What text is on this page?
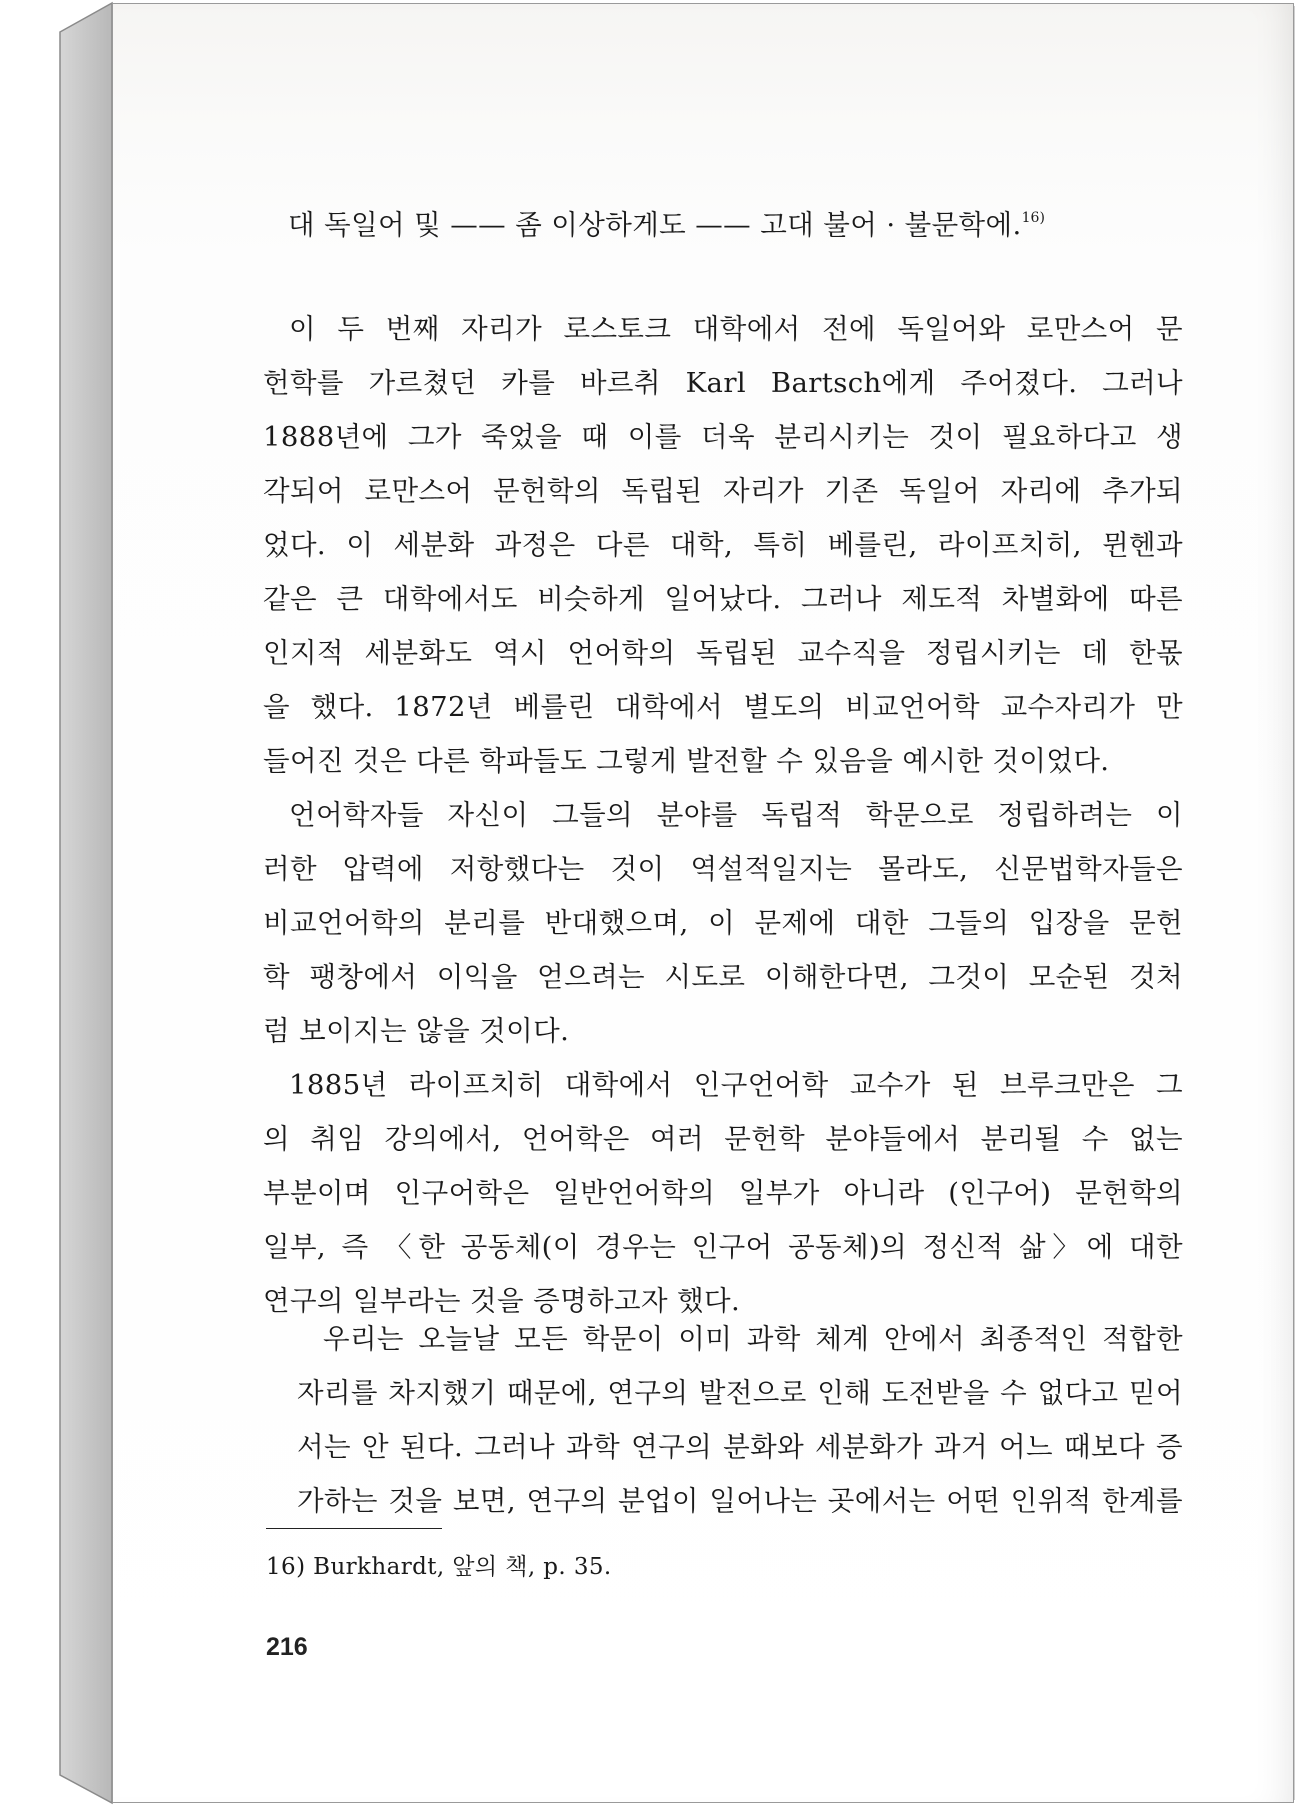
대 독일어 및 —— 좀 이상하게도 —— 고대 불어 · 불문학에.$^{16)}$
이 두 번째 자리가 로스토크 대학에서 전에 독일어와 로만스어 문
헌학를 가르쳤던 카를 바르취 Karl Bartsch에게 주어졌다. 그러나
1888년에 그가 죽었을 때 이를 더욱 분리시키는 것이 필요하다고 생
각되어 로만스어 문헌학의 독립된 자리가 기존 독일어 자리에 추가되
었다. 이 세분화 과정은 다른 대학, 특히 베를린, 라이프치히, 뮌헨과
같은 큰 대학에서도 비슷하게 일어났다. 그러나 제도적 차별화에 따른
인지적 세분화도 역시 언어학의 독립된 교수직을 정립시키는 데 한몫
을 했다. 1872년 베를린 대학에서 별도의 비교언어학 교수자리가 만
들어진 것은 다른 학파들도 그렇게 발전할 수 있음을 예시한 것이었다.
언어학자들 자신이 그들의 분야를 독립적 학문으로 정립하려는 이
러한 압력에 저항했다는 것이 역설적일지는 몰라도, 신문법학자들은
비교언어학의 분리를 반대했으며, 이 문제에 대한 그들의 입장을 문헌
학 팽창에서 이익을 얻으려는 시도로 이해한다면, 그것이 모순된 것처
럼 보이지는 않을 것이다.
1885년 라이프치히 대학에서 인구언어학 교수가 된 브루크만은 그
의 취임 강의에서, 언어학은 여러 문헌학 분야들에서 분리될 수 없는
부분이며 인구어학은 일반언어학의 일부가 아니라 (인구어) 문헌학의
일부, 즉 〈한 공동체(이 경우는 인구어 공동체)의 정신적 삶〉에 대한
연구의 일부라는 것을 증명하고자 했다.
우리는 오늘날 모든 학문이 이미 과학 체계 안에서 최종적인 적합한
자리를 차지했기 때문에, 연구의 발전으로 인해 도전받을 수 없다고 믿어
서는 안 된다. 그러나 과학 연구의 분화와 세분화가 과거 어느 때보다 증
가하는 것을 보면, 연구의 분업이 일어나는 곳에서는 어떤 인위적 한계를
16) Burkhardt, 앞의 책, p. 35.
216
